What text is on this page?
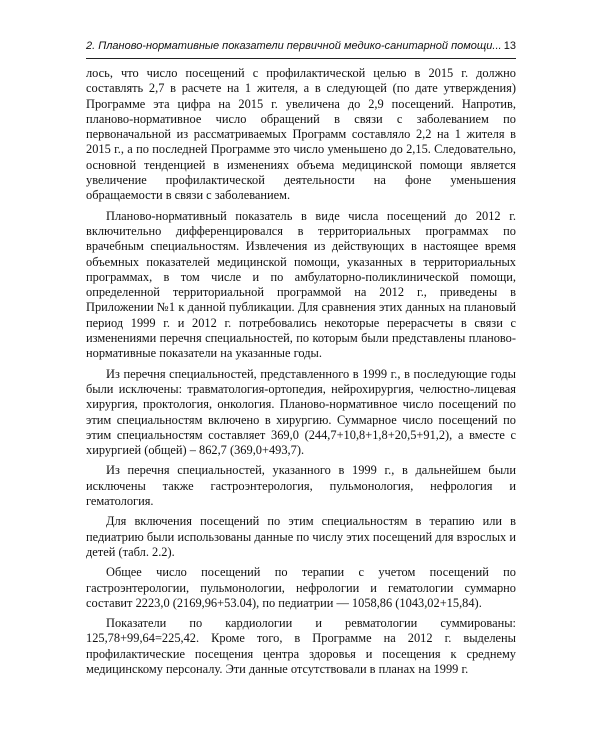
2. Планово-нормативные показатели первичной медико-санитарной помощи... 13

лось, что число посещений с профилактической целью в 2015 г. должно составлять 2,7 в расчете на 1 жителя, а в следующей (по дате утверждения) Программе эта цифра на 2015 г. увеличена до 2,9 посещений. Напротив, планово-нормативное число обращений в связи с заболеванием по первоначальной из рассматриваемых Программ составляло 2,2 на 1 жителя в 2015 г., а по последней Программе это число уменьшено до 2,15. Следовательно, основной тенденцией в изменениях объема медицинской помощи является увеличение профилактической деятельности на фоне уменьшения обращаемости в связи с заболеванием.

Планово-нормативный показатель в виде числа посещений до 2012 г. включительно дифференцировался в территориальных программах по врачебным специальностям. Извлечения из действующих в настоящее время объемных показателей медицинской помощи, указанных в территориальных программах, в том числе и по амбулаторно-поликлинической помощи, определенной территориальной программой на 2012 г., приведены в Приложении №1 к данной публикации. Для сравнения этих данных на плановый период 1999 г. и 2012 г. потребовались некоторые перерасчеты в связи с изменениями перечня специальностей, по которым были представлены планово-нормативные показатели на указанные годы.

Из перечня специальностей, представленного в 1999 г., в последующие годы были исключены: травматология-ортопедия, нейрохирургия, челюстно-лицевая хирургия, проктология, онкология. Планово-нормативное число посещений по этим специальностям включено в хирургию. Суммарное число посещений по этим специальностям составляет 369,0 (244,7+10,8+1,8+20,5+91,2), а вместе с хирургией (общей) – 862,7 (369,0+493,7).

Из перечня специальностей, указанного в 1999 г., в дальнейшем были исключены также гастроэнтерология, пульмонология, нефрология и гематология.

Для включения посещений по этим специальностям в терапию или в педиатрию были использованы данные по числу этих посещений для взрослых и детей (табл. 2.2).

Общее число посещений по терапии с учетом посещений по гастроэнтерологии, пульмонологии, нефрологии и гематологии суммарно составит 2223,0 (2169,96+53.04), по педиатрии — 1058,86 (1043,02+15,84).

Показатели по кардиологии и ревматологии суммированы: 125,78+99,64=225,42. Кроме того, в Программе на 2012 г. выделены профилактические посещения центра здоровья и посещения к среднему медицинскому персоналу. Эти данные отсутствовали в планах на 1999 г.
